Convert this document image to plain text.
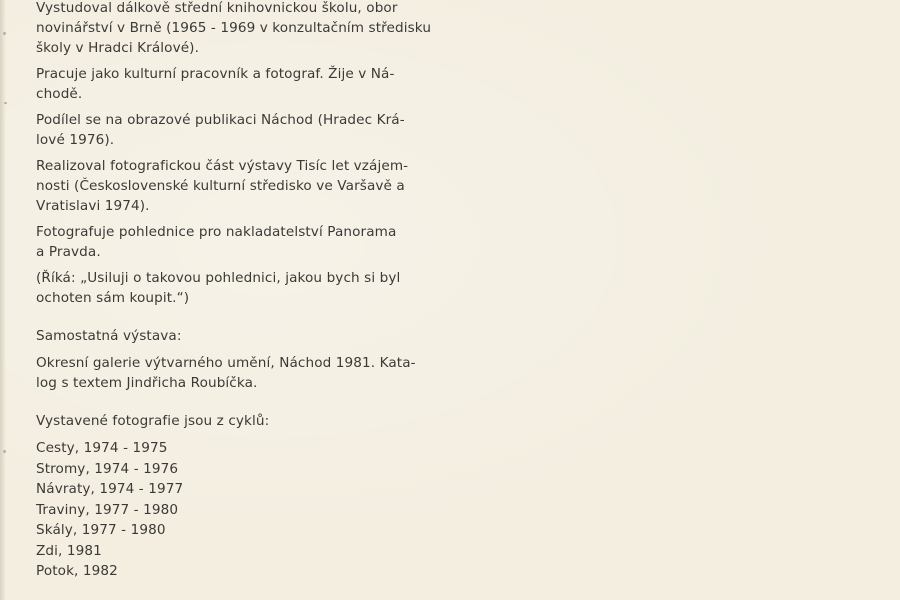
Vystudoval dálkově střední knihovnickou školu, obor
novinářství v Brně (1965 - 1969 v konzultačním středisku
školy v Hradci Králové).

Pracuje jako kulturní pracovník a fotograf. Žije v Ná-
chodě.

Podílel se na obrazové publikaci Náchod (Hradec Krá-
lové 1976).

Realizoval fotografickou část výstavy Tisíc let vzájem-
nosti (Československé kulturní středisko ve Varšavě a
Vratislavi 1974).

Fotografuje pohlednice pro nakladatelství Panorama
a Pravda.

(Říká: „Usiluji o takovou pohlednici, jakou bych si byl
ochoten sám koupit.“)

Samostatná výstava:

Okresní galerie výtvarného umění, Náchod 1981. Kata-
log s textem Jindřicha Roubíčka.

Vystavené fotografie jsou z cyklů:

Cesty, 1974 - 1975
Stromy, 1974 - 1976
Návraty, 1974 - 1977
Traviny, 1977 - 1980
Skály, 1977 - 1980
Zdi, 1981
Potok, 1982
